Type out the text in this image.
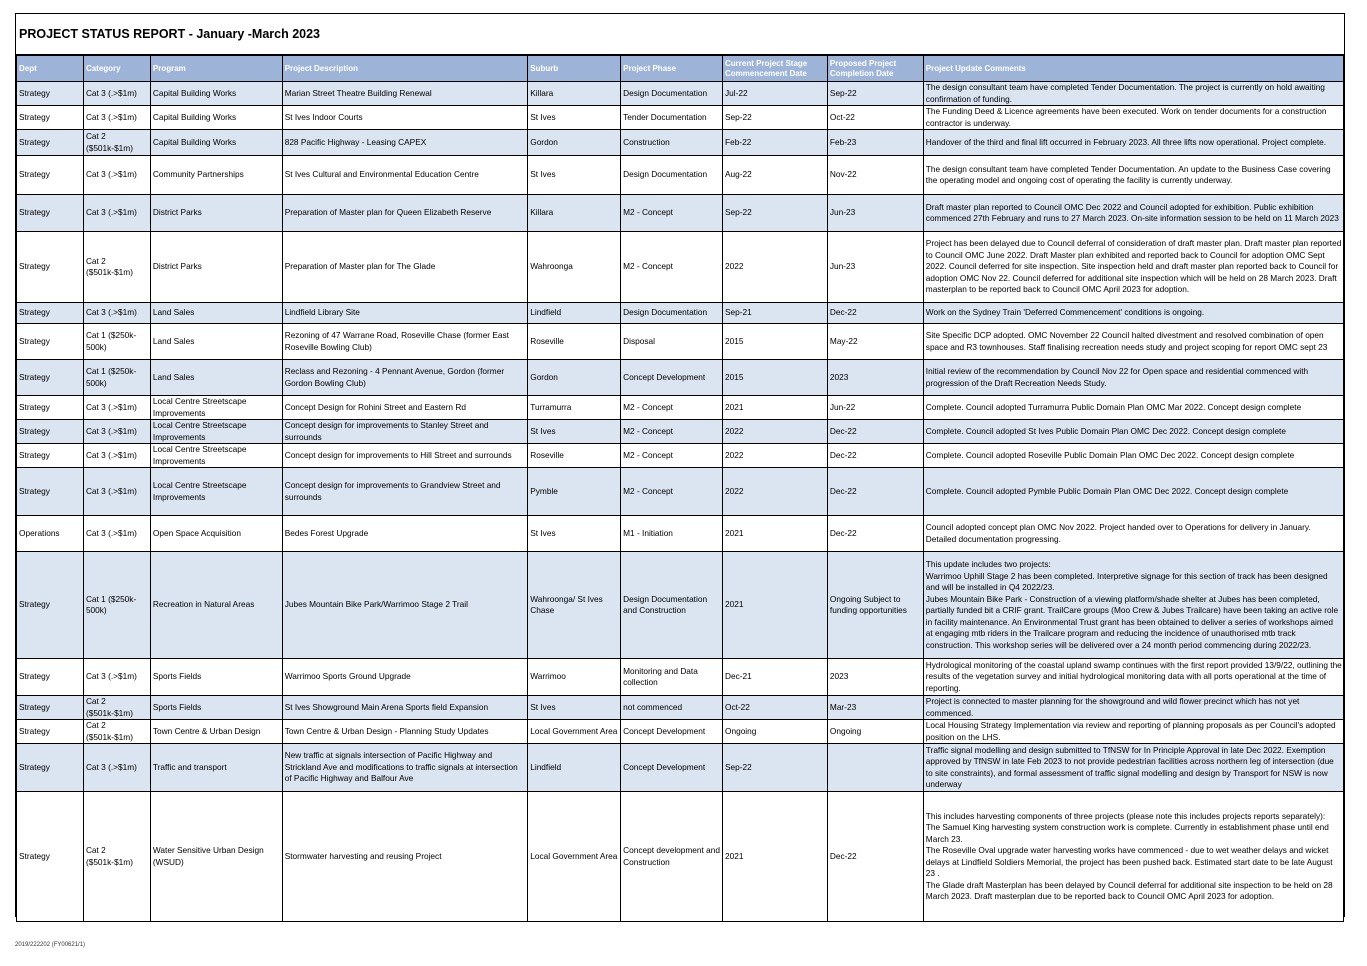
PROJECT STATUS REPORT - January -March 2023
Dept	Category	Program	Project Description	Suburb	Project Phase	Current Project Stage Commencement Date	Proposed Project Completion Date	Project Update Comments
Strategy	Cat 3 (.>$1m)	Capital Building Works	Marian Street Theatre Building Renewal	Killara	Design Documentation	Jul-22	Sep-22	The design consultant team have completed Tender Documentation. The project is currently on hold awaiting confirmation of funding.
Strategy	Cat 3 (.>$1m)	Capital Building Works	St Ives Indoor Courts	St Ives	Tender Documentation	Sep-22	Oct-22	The Funding Deed & Licence agreements have been executed. Work on tender documents for a construction contractor is underway.
Strategy	Cat 2 ($501k-$1m)	Capital Building Works	828 Pacific Highway - Leasing CAPEX	Gordon	Construction	Feb-22	Feb-23	Handover of the third and final lift occurred in February 2023. All three lifts now operational. Project complete.
Strategy	Cat 3 (.>$1m)	Community Partnerships	St Ives Cultural and Environmental Education Centre	St Ives	Design Documentation	Aug-22	Nov-22	The design consultant team have completed Tender Documentation. An update to the Business Case covering the operating model and ongoing cost of operating the facility is currently underway.
Strategy	Cat 3 (.>$1m)	District Parks	Preparation of Master plan for Queen Elizabeth Reserve	Killara	M2 - Concept	Sep-22	Jun-23	Draft master plan reported to Council OMC Dec 2022 and Council adopted for exhibition. Public exhibition commenced 27th February and runs to 27 March 2023. On-site information session to be held on 11 March 2023
Strategy	Cat 2 ($501k-$1m)	District Parks	Preparation of Master plan for The Glade	Wahroonga	M2 - Concept	2022	Jun-23	Project has been delayed due to Council deferral of consideration of draft master plan. Draft master plan reported to Council OMC June 2022. Draft Master plan exhibited and reported back to Council for adoption OMC Sept 2022. Council deferred for site inspection. Site inspection held and draft master plan reported back to Council for adoption OMC Nov 22. Council deferred for additional site inspection which will be held on 28 March 2023. Draft masterplan to be reported back to Council OMC April 2023 for adoption.
Strategy	Cat 3 (.>$1m)	Land Sales	Lindfield Library Site	Lindfield	Design Documentation	Sep-21	Dec-22	Work on the Sydney Train 'Deferred Commencement' conditions is ongoing.
Strategy	Cat 1 ($250k-500k)	Land Sales	Rezoning of 47 Warrane Road, Roseville Chase (former East Roseville Bowling Club)	Roseville	Disposal	2015	May-22	Site Specific DCP adopted. OMC November 22 Council halted divestment and resolved combination of open space and R3 townhouses. Staff finalising recreation needs study and project scoping for report OMC sept 23
Strategy	Cat 1 ($250k-500k)	Land Sales	Reclass and Rezoning - 4 Pennant Avenue, Gordon (former Gordon Bowling Club)	Gordon	Concept Development	2015	2023	Initial review of the recommendation by Council Nov 22 for Open space and residential commenced with progression of the Draft Recreation Needs Study.
Strategy	Cat 3 (.>$1m)	Local Centre Streetscape Improvements	Concept Design for Rohini Street and Eastern Rd	Turramurra	M2 - Concept	2021	Jun-22	Complete. Council adopted Turramurra Public Domain Plan OMC Mar 2022. Concept design complete
Strategy	Cat 3 (.>$1m)	Local Centre Streetscape Improvements	Concept design for improvements to Stanley Street and surrounds	St Ives	M2 - Concept	2022	Dec-22	Complete. Council adopted St Ives Public Domain Plan OMC Dec 2022. Concept design complete
Strategy	Cat 3 (.>$1m)	Local Centre Streetscape Improvements	Concept design for improvements to Hill Street and surrounds	Roseville	M2 - Concept	2022	Dec-22	Complete. Council adopted Roseville Public Domain Plan OMC Dec 2022. Concept design complete
Strategy	Cat 3 (.>$1m)	Local Centre Streetscape Improvements	Concept design for improvements to Grandview Street and surrounds	Pymble	M2 - Concept	2022	Dec-22	Complete. Council adopted Pymble Public Domain Plan OMC Dec 2022. Concept design complete
Operations	Cat 3 (.>$1m)	Open Space Acquisition	Bedes Forest Upgrade	St Ives	M1 - Initiation	2021	Dec-22	Council adopted concept plan OMC Nov 2022. Project handed over to Operations for delivery in January. Detailed documentation progressing.
Strategy	Cat 1 ($250k-500k)	Recreation in Natural Areas	Jubes Mountain Bike Park/Warrimoo Stage 2 Trail	Wahroonga/ St Ives Chase	Design Documentation and Construction	2021	Ongoing Subject to funding opportunities	This update includes two projects:
Warrimoo Uphill Stage 2 has been completed. Interpretive signage for this section of track has been designed and will be installed in Q4 2022/23.
Jubes Mountain Bike Park - Construction of a viewing platform/shade shelter at Jubes has been completed, partially funded bit a CRIF grant. TrailCare groups (Moo Crew & Jubes Trailcare) have been taking an active role in facility maintenance. An Environmental Trust grant has been obtained to deliver a series of workshops aimed at engaging mtb riders in the Trailcare program and reducing the incidence of unauthorised mtb track construction. This workshop series will be delivered over a 24 month period commencing during 2022/23.
Strategy	Cat 3 (.>$1m)	Sports Fields	Warrimoo Sports Ground Upgrade	Warrimoo	Monitoring and Data collection	Dec-21	2023	Hydrological monitoring of the coastal upland swamp continues with the first report provided 13/9/22, outlining the results of the vegetation survey and initial hydrological monitoring data with all ports operational at the time of reporting.
Strategy	Cat 2 ($501k-$1m)	Sports Fields	St Ives Showground Main Arena Sports field Expansion	St Ives	not commenced	Oct-22	Mar-23	Project is connected to master planning for the showground and wild flower precinct which has not yet commenced.
Strategy	Cat 2 ($501k-$1m)	Town Centre & Urban Design	Town Centre & Urban Design - Planning Study Updates	Local Government Area	Concept Development	Ongoing	Ongoing	Local Housing Strategy Implementation via review and reporting of planning proposals as per Council's adopted position on the LHS.
Strategy	Cat 3 (.>$1m)	Traffic and transport	New traffic at signals intersection of Pacific Highway and Strickland Ave and modifications to traffic signals at intersection of Pacific Highway and Balfour Ave	Lindfield	Concept Development	Sep-22		Traffic signal modelling and design submitted to TfNSW for In Principle Approval in late Dec 2022. Exemption approved by TfNSW in late Feb 2023 to not provide pedestrian facilities across northern leg of intersection (due to site constraints), and formal assessment of traffic signal modelling and design by Transport for NSW is now underway
Strategy	Cat 2 ($501k-$1m)	Water Sensitive Urban Design (WSUD)	Stormwater harvesting and reusing Project	Local Government Area	Concept development and Construction	2021	Dec-22	This includes harvesting components of three projects (please note this includes projects reports separately):
The Samuel King harvesting system construction work is complete. Currently in establishment phase until end March 23.
The Roseville Oval upgrade water harvesting works have commenced - due to wet weather delays and wicket delays at Lindfield Soldiers Memorial, the project has been pushed back. Estimated start date to be late August 23 .
The Glade draft Masterplan has been delayed by Council deferral for additional site inspection to be held on 28 March 2023. Draft masterplan due to be reported back to Council OMC April 2023 for adoption.
2019/222202 (FY00621/1)
